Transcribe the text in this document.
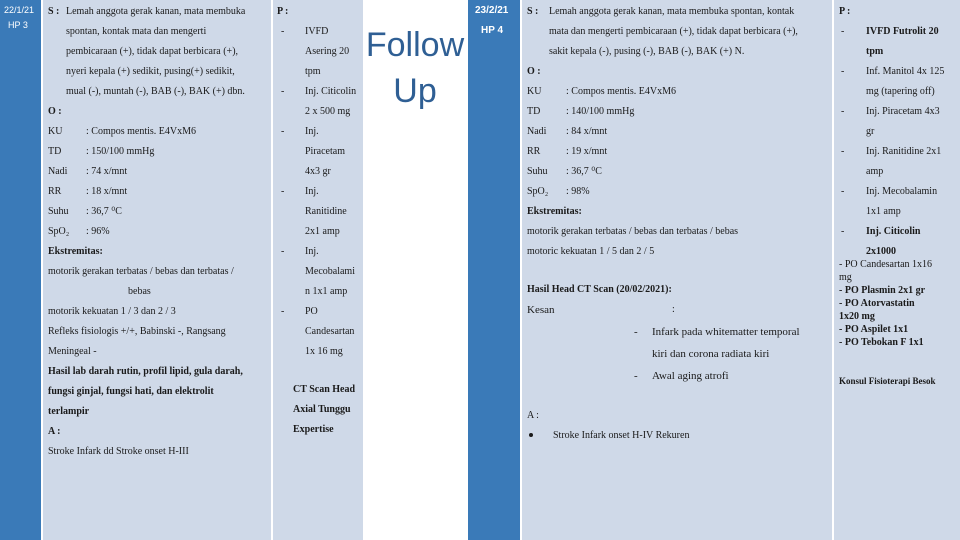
22/1/21
HP 3
S : Lemah anggota gerak kanan, mata membuka
spontan, kontak mata dan mengerti
pembicaraan (+), tidak dapat berbicara (+),
nyeri kepala (+) sedikit, pusing(+) sedikit,
mual (-), muntah (-), BAB (-), BAK (+) dbn.
O :
KU : Compos mentis. E4VxM6
TD : 150/100 mmHg
Nadi : 74 x/mnt
RR : 18 x/mnt
Suhu : 36,7 ⁰C
SpO₂ : 96%
Ekstremitas:
motorik gerakan terbatas / bebas dan terbatas /
bebas
motorik kekuatan 1 / 3 dan 2 / 3
Refleks fisiologis +/+, Babinski -, Rangsang
Meningeal -
Hasil lab darah rutin, profil lipid, gula darah,
fungsi ginjal, fungsi hati, dan elektrolit
terlampir
A :
Stroke Infark dd Stroke onset H-III
P :
- IVFD
Asering 20
tpm
- Inj. Citicolin
2 x 500 mg
- Inj.
Piracetam
4x3 gr
- Inj.
Ranitidine
2x1 amp
- Inj.
Mecobalami
n 1x1 amp
- PO
Candesartan
1x 16 mg
CT Scan Head
Axial Tunggu
Expertise
Follow
Up
23/2/21
HP 4
S : Lemah anggota gerak kanan, mata membuka spontan, kontak
mata dan mengerti pembicaraan (+), tidak dapat berbicara (+),
sakit kepala (-), pusing (-), BAB (-), BAK (+) N.
O :
KU : Compos mentis. E4VxM6
TD	: 140/100 mmHg
Nadi : 84 x/mnt
RR	: 19 x/mnt
Suhu : 36,7 ⁰C
SpO₂ : 98%
Ekstremitas:
motorik gerakan terbatas / bebas dan terbatas / bebas
motoric kekuatan 1 / 5 dan 2 / 5
Hasil Head CT Scan (20/02/2021):
Kesan	:
- Infark pada whitematter temporal
kiri dan corona radiata kiri
- Awal aging atrofi
A :
Stroke Infark onset H-IV Rekuren
P :
- IVFD Futrolit 20
tpm
- Inf. Manitol 4x 125
mg (tapering off)
- Inj. Piracetam 4x3
gr
- Inj. Ranitidine 2x1
amp
- Inj. Mecobalamin
1x1 amp
- Inj. Citicolin
2x1000
- PO Candesartan 1x16
mg
- PO Plasmin 2x1 gr
- PO Atorvastatin
1x20 mg
- PO Aspilet 1x1
- PO Tebokan F 1x1
Konsul Fisioterapi Besok
